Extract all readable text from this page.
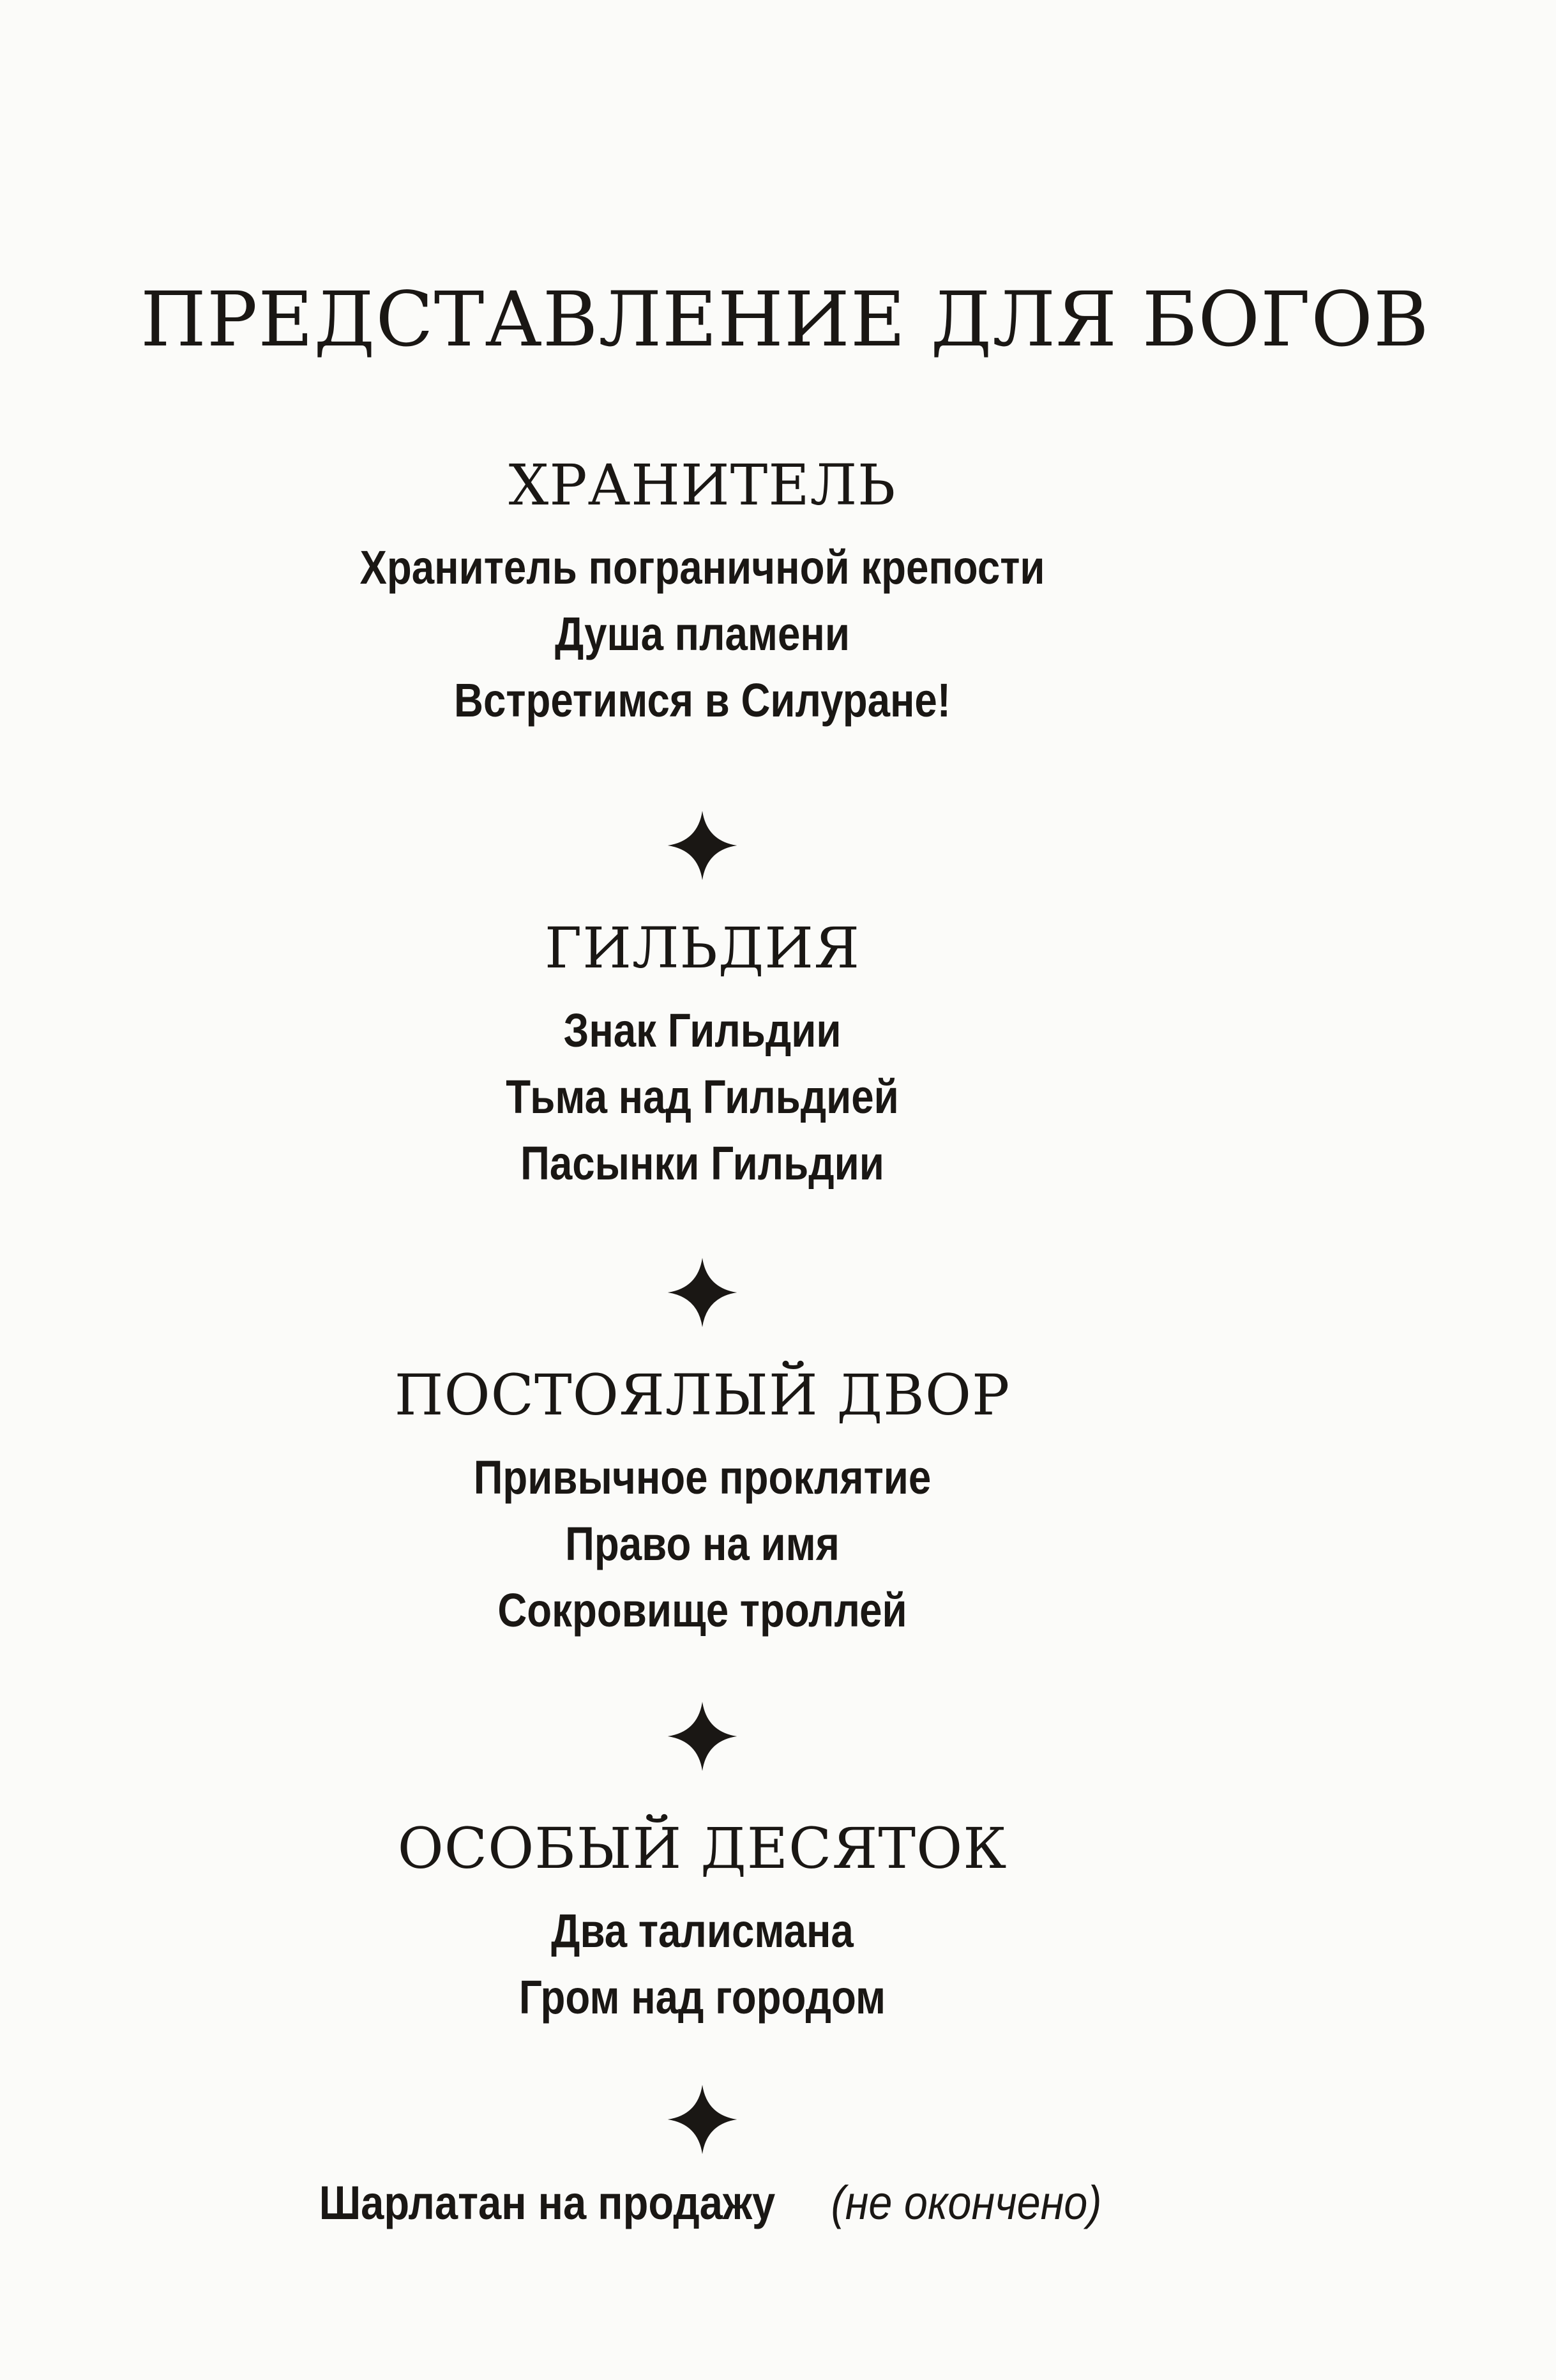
ПРЕДСТАВЛЕНИЕ ДЛЯ БОГОВ
ХРАНИТЕЛЬ
Хранитель пограничной крепости
Душа пламени
Встретимся в Силуране!
ГИЛЬДИЯ
Знак Гильдии
Тьма над Гильдией
Пасынки Гильдии
ПОСТОЯЛЫЙ ДВОР
Привычное проклятие
Право на имя
Сокровище троллей
ОСОБЫЙ ДЕСЯТОК
Два талисмана
Гром над городом
Шарлатан на продажу (не окончено)
